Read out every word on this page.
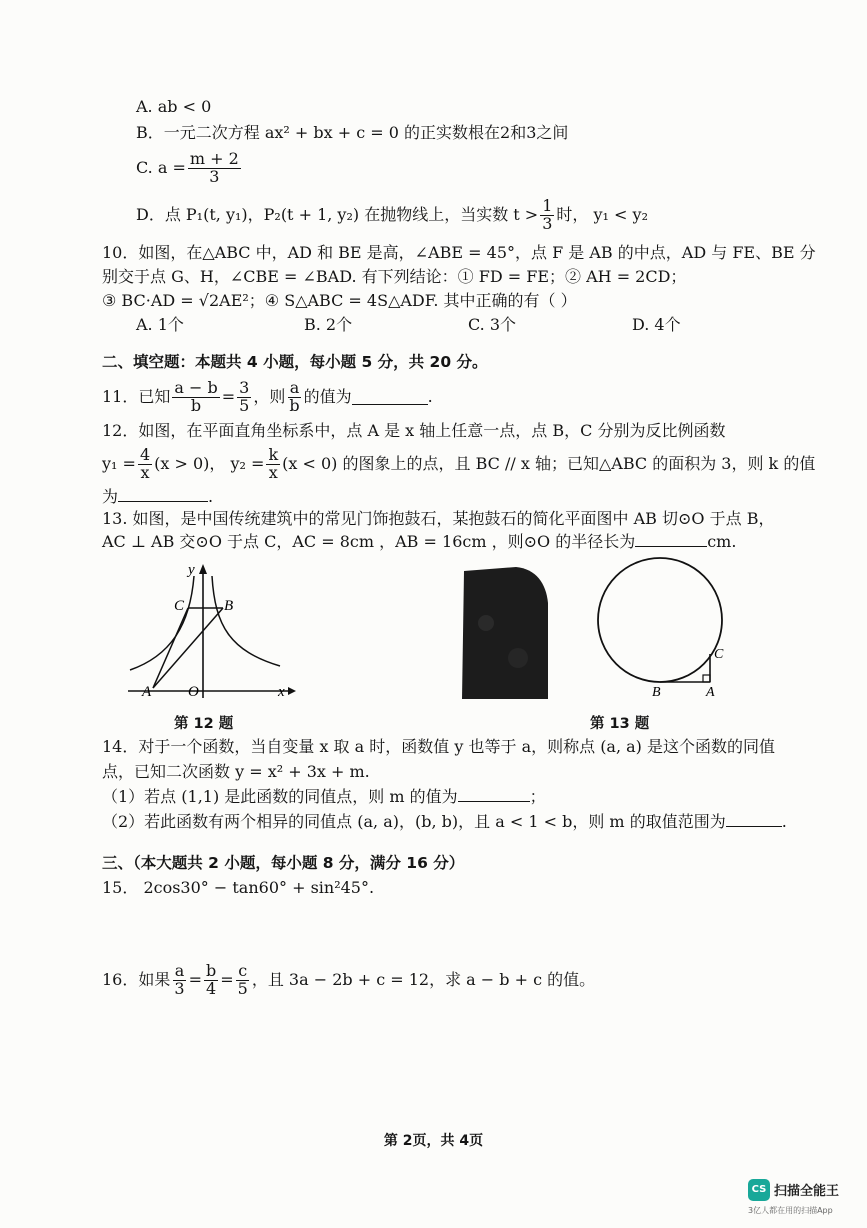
A. ab < 0
B．一元二次方程 ax² + bx + c = 0 的正实数根在2和3之间
C. $a = \frac{m + 2}{3}$
D．点 P₁(t, y₁)，P₂(t + 1, y₂) 在抛物线上，当实数 $t > \frac{1}{3}$ 时， y₁ < y₂
10．如图，在△ABC 中，AD 和 BE 是高，∠ABE = 45°，点 F 是 AB 的中点，AD 与 FE、BE 分
别交于点 G、H，∠CBE = ∠BAD. 有下列结论：① FD = FE；② AH = 2CD；
③ BC·AD = √2AE²；④ S△ABC = 4S△ADF. 其中正确的有（ ）
A. 1个	B. 2个	C. 3个	D. 4个
二、填空题：本题共 4 小题，每小题 5 分，共 20 分。
11．已知 $\frac{a - b}{b} = \frac{3}{5}$ ，则 $\frac{a}{b}$ 的值为	.
12．如图，在平面直角坐标系中，点 A 是 x 轴上任意一点，点 B，C 分别为反比例函数
$y_1 = \frac{4}{x} (x > 0)$， $y_2 = \frac{k}{x} (x < 0)$ 的图象上的点，且 BC // x 轴；已知△ABC 的面积为 3，则 k 的值
为	.
13. 如图，是中国传统建筑中的常见门饰抱鼓石，某抱鼓石的简化平面图中 AB 切⊙O 于点 B，
AC ⊥ AB 交⊙O 于点 C，AC = 8cm ，AB = 16cm ，则⊙O 的半径长为	cm.
y
x
O
A
B
C
第 12 题
B	A
C
第 13 题
14．对于一个函数，当自变量 x 取 a 时，函数值 y 也等于 a，则称点 (a, a) 是这个函数的同值
点，已知二次函数 y = x² + 3x + m.
（1）若点 (1,1) 是此函数的同值点，则 m 的值为	；
（2）若此函数有两个相异的同值点 (a, a)，(b, b)，且 a < 1 < b，则 m 的取值范围为	.
三、（本大题共 2 小题，每小题 8 分，满分 16 分）
15． 2cos30° − tan60° + sin²45°.
16．如果 $\frac{a}{3} = \frac{b}{4} = \frac{c}{5}$ ，且 3a − 2b + c = 12，求 a − b + c 的值。
第 2页，共 4页
CS 扫描全能王
3亿人都在用的扫描App
